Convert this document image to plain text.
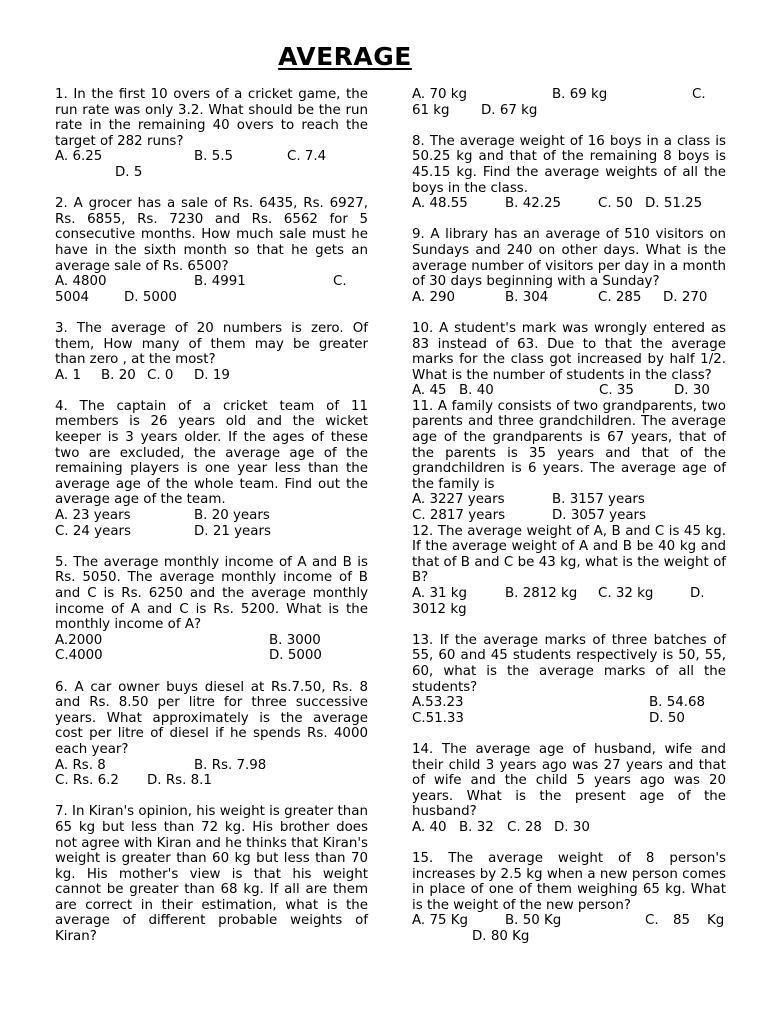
AVERAGE
1. In the first 10 overs of a cricket game, the run rate was only 3.2. What should be the run rate in the remaining 40 overs to reach the target of 282 runs?
A. 6.25	B. 5.5	C. 7.4
D. 5
2. A grocer has a sale of Rs. 6435, Rs. 6927, Rs. 6855, Rs. 7230 and Rs. 6562 for 5 consecutive months. How much sale must he have in the sixth month so that he gets an average sale of Rs. 6500?
A. 4800	B. 4991	C.
5004	D. 5000
3. The average of 20 numbers is zero. Of them, How many of them may be greater than zero , at the most?
A. 1	B. 20 C. 0	D. 19
4. The captain of a cricket team of 11 members is 26 years old and the wicket keeper is 3 years older. If the ages of these two are excluded, the average age of the remaining players is one year less than the average age of the whole team. Find out the average age of the team.
A. 23 years	B. 20 years
C. 24 years	D. 21 years
5. The average monthly income of A and B is Rs. 5050. The average monthly income of B and C is Rs. 6250 and the average monthly income of A and C is Rs. 5200. What is the monthly income of A?
A.2000	B. 3000
C.4000	D. 5000
6. A car owner buys diesel at Rs.7.50, Rs. 8 and Rs. 8.50 per litre for three successive years. What approximately is the average cost per litre of diesel if he spends Rs. 4000 each year?
A. Rs. 8	B. Rs. 7.98
C. Rs. 6.2	D. Rs. 8.1
7. In Kiran's opinion, his weight is greater than 65 kg but less than 72 kg. His brother does not agree with Kiran and he thinks that Kiran's weight is greater than 60 kg but less than 70 kg. His mother's view is that his weight cannot be greater than 68 kg. If all are them are correct in their estimation, what is the average of different probable weights of Kiran?
A. 70 kg	B. 69 kg	C.
61 kg	D. 67 kg
8. The average weight of 16 boys in a class is 50.25 kg and that of the remaining 8 boys is 45.15 kg. Find the average weights of all the boys in the class.
A. 48.55	B. 42.25	C. 50 D. 51.25
9. A library has an average of 510 visitors on Sundays and 240 on other days. What is the average number of visitors per day in a month of 30 days beginning with a Sunday?
A. 290	B. 304	C. 285	D. 270
10. A student's mark was wrongly entered as 83 instead of 63. Due to that the average marks for the class got increased by half 1/2. What is the number of students in the class?
A. 45 B. 40	C. 35	D. 30
11. A family consists of two grandparents, two parents and three grandchildren. The average age of the grandparents is 67 years, that of the parents is 35 years and that of the grandchildren is 6 years. The average age of the family is
A. 3227 years	B. 3157 years
C. 2817 years	D. 3057 years
12. The average weight of A, B and C is 45 kg. If the average weight of A and B be 40 kg and that of B and C be 43 kg, what is the weight of B?
A. 31 kg	B. 2812 kg	C. 32 kg	D.
3012 kg
13. If the average marks of three batches of 55, 60 and 45 students respectively is 50, 55, 60, what is the average marks of all the students?
A.53.23	B. 54.68
C.51.33	D. 50
14. The average age of husband, wife and their child 3 years ago was 27 years and that of wife and the child 5 years ago was 20 years. What is the present age of the husband?
A. 40 B. 32 C. 28 D. 30
15. The average weight of 8 person's increases by 2.5 kg when a new person comes in place of one of them weighing 65 kg. What is the weight of the new person?
A. 75 Kg	B. 50 Kg	C.	85	Kg
D. 80 Kg
